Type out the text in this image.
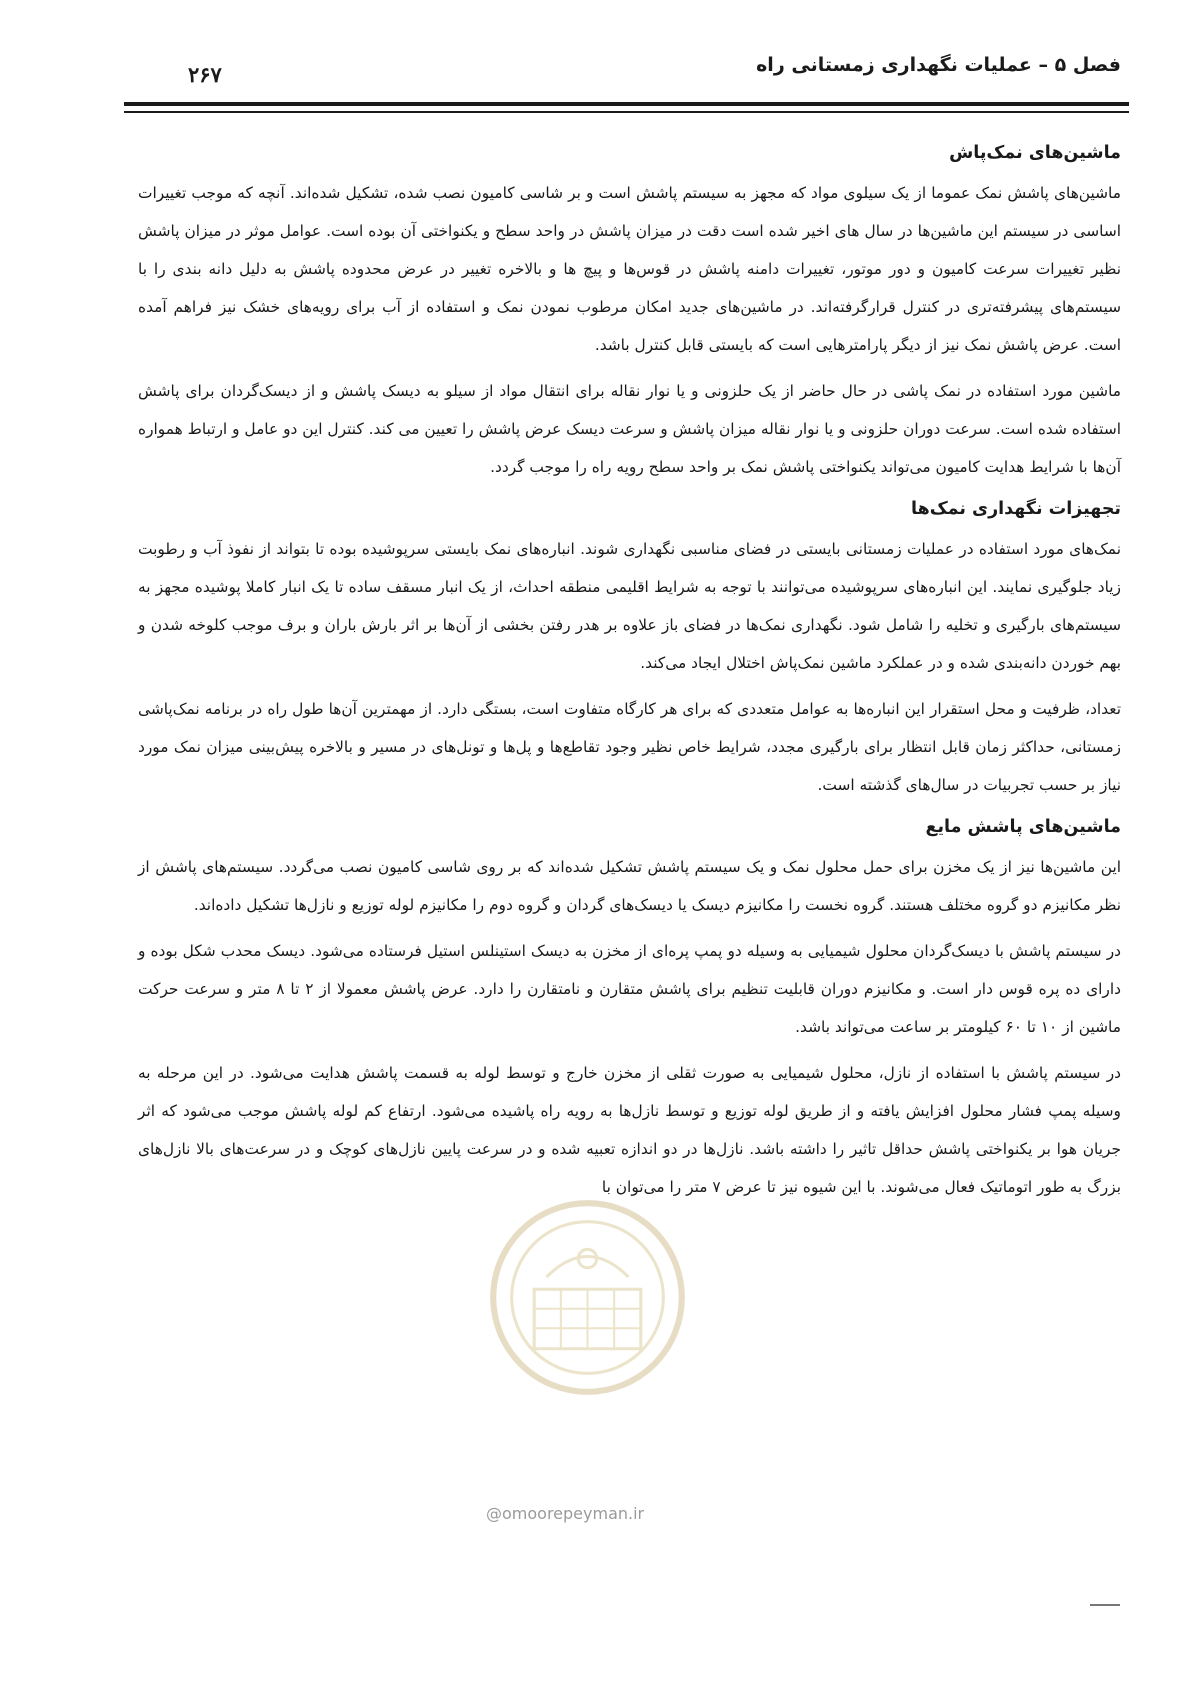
فصل ۵ – عملیات نگهداری زمستانی راه
۲۶۷
ماشین‌های نمک‌پاش

ماشین‌های پاشش نمک عموما از یک سیلوی مواد که مجهز به سیستم پاشش است و بر شاسی کامیون نصب شده، تشکیل شده‌اند. آنچه که موجب تغییرات اساسی در سیستم این ماشین‌ها در سال های اخیر شده است دقت در میزان پاشش در واحد سطح و یکنواختی آن بوده است. عوامل موثر در میزان پاشش نظیر تغییرات سرعت کامیون و دور موتور، تغییرات دامنه پاشش در قوس‌ها و پیچ ها و بالاخره تغییر در عرض محدوده پاشش به دلیل دانه بندی را با سیستم‌های پیشرفته‌تری در کنترل قرارگرفته‌اند. در ماشین‌های جدید امکان مرطوب نمودن نمک و استفاده از آب برای رویه‌های خشک نیز فراهم آمده است. عرض پاشش نمک نیز از دیگر پارامترهایی است که بایستی قابل کنترل باشد.

ماشین مورد استفاده در نمک پاشی در حال حاضر از یک حلزونی و یا نوار نقاله برای انتقال مواد از سیلو به دیسک پاشش و از دیسک‌گردان برای پاشش استفاده شده است. سرعت دوران حلزونی و یا نوار نقاله میزان پاشش و سرعت دیسک عرض پاشش را تعیین می کند. کنترل این دو عامل و ارتباط همواره آن‌ها با شرایط هدایت کامیون می‌تواند یکنواختی پاشش نمک بر واحد سطح رویه راه را موجب گردد.

تجهیزات نگهداری نمک‌ها

نمک‌های مورد استفاده در عملیات زمستانی بایستی در فضای مناسبی نگهداری شوند. انباره‌های نمک بایستی سرپوشیده بوده تا بتواند از نفوذ آب و رطوبت زیاد جلوگیری نمایند. این انباره‌های سرپوشیده می‌توانند با توجه به شرایط اقلیمی منطقه احداث، از یک انبار مسقف ساده تا یک انبار کاملا پوشیده مجهز به سیستم‌های بارگیری و تخلیه را شامل شود. نگهداری نمک‌ها در فضای باز علاوه بر هدر رفتن بخشی از آن‌ها بر اثر بارش باران و برف موجب کلوخه شدن و بهم خوردن دانه‌بندی شده و در عملکرد ماشین نمک‌پاش اختلال ایجاد می‌کند.

تعداد، ظرفیت و محل استقرار این انباره‌ها به عوامل متعددی که برای هر کارگاه متفاوت است، بستگی دارد. از مهمترین آن‌ها طول راه در برنامه نمک‌پاشی زمستانی، حداکثر زمان قابل انتظار برای بارگیری مجدد، شرایط خاص نظیر وجود تقاطع‌ها و پل‌ها و تونل‌های در مسیر و بالاخره پیش‌بینی میزان نمک مورد نیاز بر حسب تجربیات در سال‌های گذشته است.

ماشین‌های پاشش مایع

این ماشین‌ها نیز از یک مخزن برای حمل محلول نمک و یک سیستم پاشش تشکیل شده‌اند که بر روی شاسی کامیون نصب می‌گردد. سیستم‌های پاشش از نظر مکانیزم دو گروه مختلف هستند. گروه نخست را مکانیزم دیسک یا دیسک‌های گردان و گروه دوم را مکانیزم لوله توزیع و نازل‌ها تشکیل داده‌اند.

در سیستم پاشش با دیسک‌گردان محلول شیمیایی به وسیله دو پمپ پره‌ای از مخزن به دیسک استینلس استیل فرستاده می‌شود. دیسک محدب شکل بوده و دارای ده پره قوس دار است. و مکانیزم دوران قابلیت تنظیم برای پاشش متقارن و نامتقارن را دارد. عرض پاشش معمولا از ۲ تا ۸ متر و سرعت حرکت ماشین از ۱۰ تا ۶۰ کیلومتر بر ساعت می‌تواند باشد.

در سیستم پاشش با استفاده از نازل، محلول شیمیایی به صورت ثقلی از مخزن خارج و توسط لوله به قسمت پاشش هدایت می‌شود. در این مرحله به وسیله پمپ فشار محلول افزایش یافته و از طریق لوله توزیع و توسط نازل‌ها به رویه راه پاشیده می‌شود. ارتفاع کم لوله پاشش موجب می‌شود که اثر جریان هوا بر یکنواختی پاشش حداقل تاثیر را داشته باشد. نازل‌ها در دو اندازه تعبیه شده و در سرعت پایین نازل‌های کوچک و در سرعت‌های بالا نازل‌های بزرگ به طور اتوماتیک فعال می‌شوند. با این شیوه نیز تا عرض ۷ متر را می‌توان با

@omoorepeyman.ir
